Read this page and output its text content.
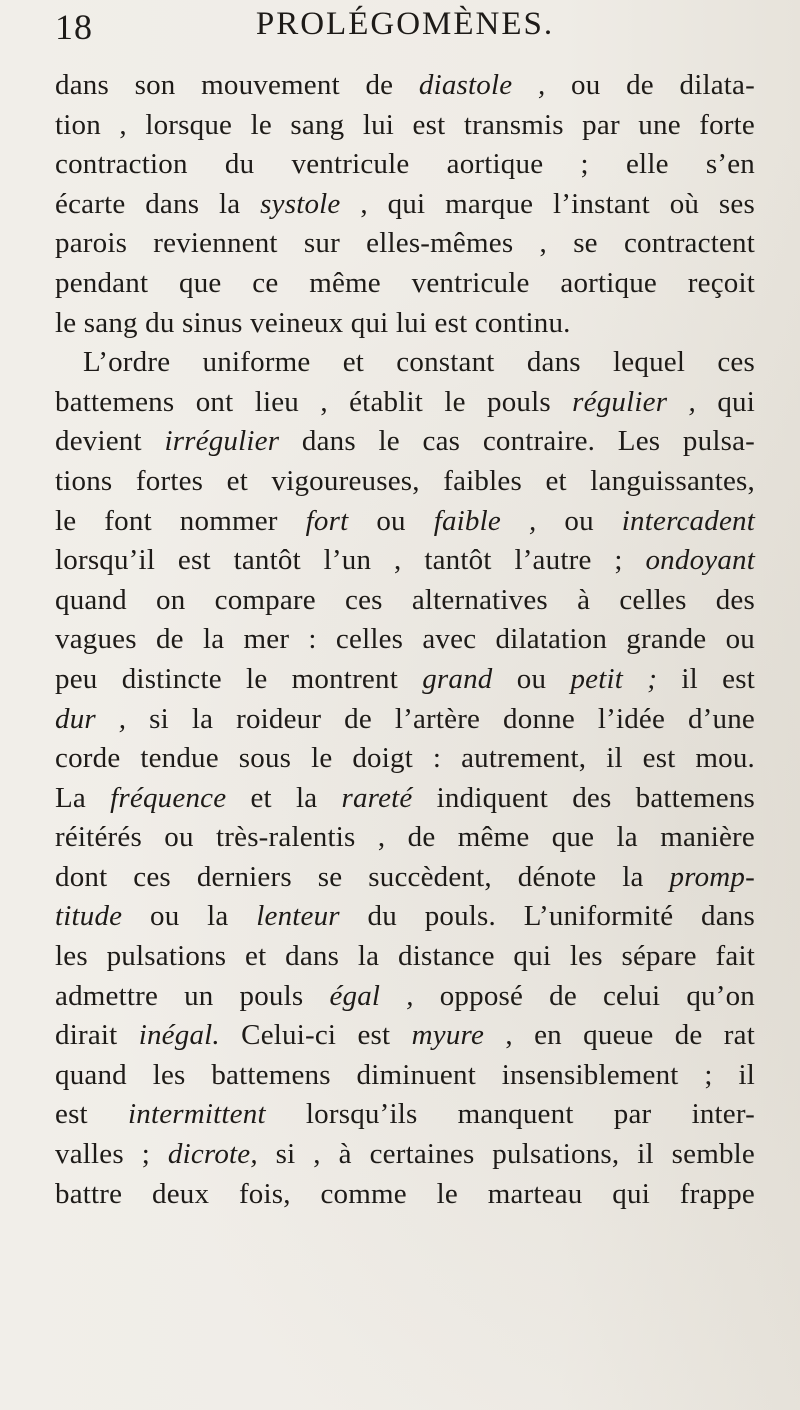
PROLÉGOMÈNES.
18
dans son mouvement de diastole , ou de dilata-
tion , lorsque le sang lui est transmis par une forte
contraction du ventricule aortique ; elle s’en
écarte dans la systole , qui marque l’instant où ses
parois reviennent sur elles-mêmes , se contractent
pendant que ce même ventricule aortique reçoit
le sang du sinus veineux qui lui est continu.
L’ordre uniforme et constant dans lequel ces
battemens ont lieu , établit le pouls régulier , qui
devient irrégulier dans le cas contraire. Les pulsa-
tions fortes et vigoureuses, faibles et languissantes,
le font nommer fort ou faible , ou intercadent
lorsqu’il est tantôt l’un , tantôt l’autre ; ondoyant
quand on compare ces alternatives à celles des
vagues de la mer : celles avec dilatation grande ou
peu distincte le montrent grand ou petit ; il est
dur , si la roideur de l’artère donne l’idée d’une
corde tendue sous le doigt : autrement, il est mou.
La fréquence et la rareté indiquent des battemens
réitérés ou très-ralentis , de même que la manière
dont ces derniers se succèdent, dénote la promp-
titude ou la lenteur du pouls. L’uniformité dans
les pulsations et dans la distance qui les sépare fait
admettre un pouls égal , opposé de celui qu’on
dirait inégal. Celui-ci est myure , en queue de rat
quand les battemens diminuent insensiblement ; il
est intermittent lorsqu’ils manquent par inter-
valles ; dicrote, si , à certaines pulsations, il semble
battre deux fois, comme le marteau qui frappe
